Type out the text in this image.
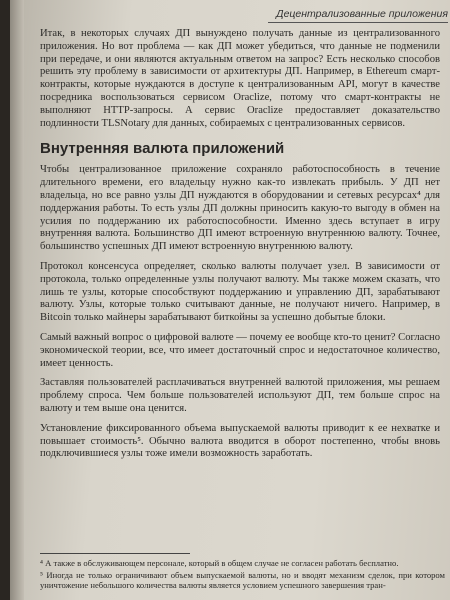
Децентрализованные приложения

Итак, в некоторых случаях ДП вынуждено получать данные из централизованного приложения. Но вот проблема — как ДП может убедиться, что данные не подменили при передаче, и они являются актуальным ответом на запрос? Есть несколько способов решить эту проблему в зависимости от архитектуры ДП. Например, в Ethereum смарт-контракты, которые нуждаются в доступе к централизованным API, могут в качестве посредника воспользоваться сервисом Oraclize, потому что смарт-контракты не выполняют HTTP-запросы. А сервис Oraclize предоставляет доказательство подлинности TLSNotary для данных, собираемых с централизованных сервисов.

Внутренняя валюта приложений

Чтобы централизованное приложение сохраняло работоспособность в течение длительного времени, его владельцу нужно как-то извлекать прибыль. У ДП нет владельца, но все равно узлы ДП нуждаются в оборудовании и сетевых ресурсах⁴ для поддержания работы. То есть узлы ДП должны приносить какую-то выгоду в обмен на усилия по поддержанию их работоспособности. Именно здесь вступает в игру внутренняя валюта. Большинство ДП имеют встроенную внутреннюю валюту. Точнее, большинство успешных ДП имеют встроенную внутреннюю валюту.

Протокол консенсуса определяет, сколько валюты получает узел. В зависимости от протокола, только определенные узлы получают валюту. Мы также можем сказать, что лишь те узлы, которые способствуют поддержанию и управлению ДП, зарабатывают валюту. Узлы, которые только считывают данные, не получают ничего. Например, в Bitcoin только майнеры зарабатывают биткойны за успешно добытые блоки.

Самый важный вопрос о цифровой валюте — почему ее вообще кто-то ценит? Согласно экономической теории, все, что имеет достаточный спрос и недостаточное количество, имеет ценность.

Заставляя пользователей расплачиваться внутренней валютой приложения, мы решаем проблему спроса. Чем больше пользователей используют ДП, тем больше спрос на валюту и тем выше она ценится.

Установление фиксированного объема выпускаемой валюты приводит к ее нехватке и повышает стоимость⁵. Обычно валюта вводится в оборот постепенно, чтобы вновь подключившиеся узлы тоже имели возможность заработать.

⁴ А также в обслуживающем персонале, который в общем случае не согласен работать бесплатно.
⁵ Иногда не только ограничивают объем выпускаемой валюты, но и вводят механизм сделок, при котором уничтожение небольшого количества валюты является условием успешного завершения тран-
